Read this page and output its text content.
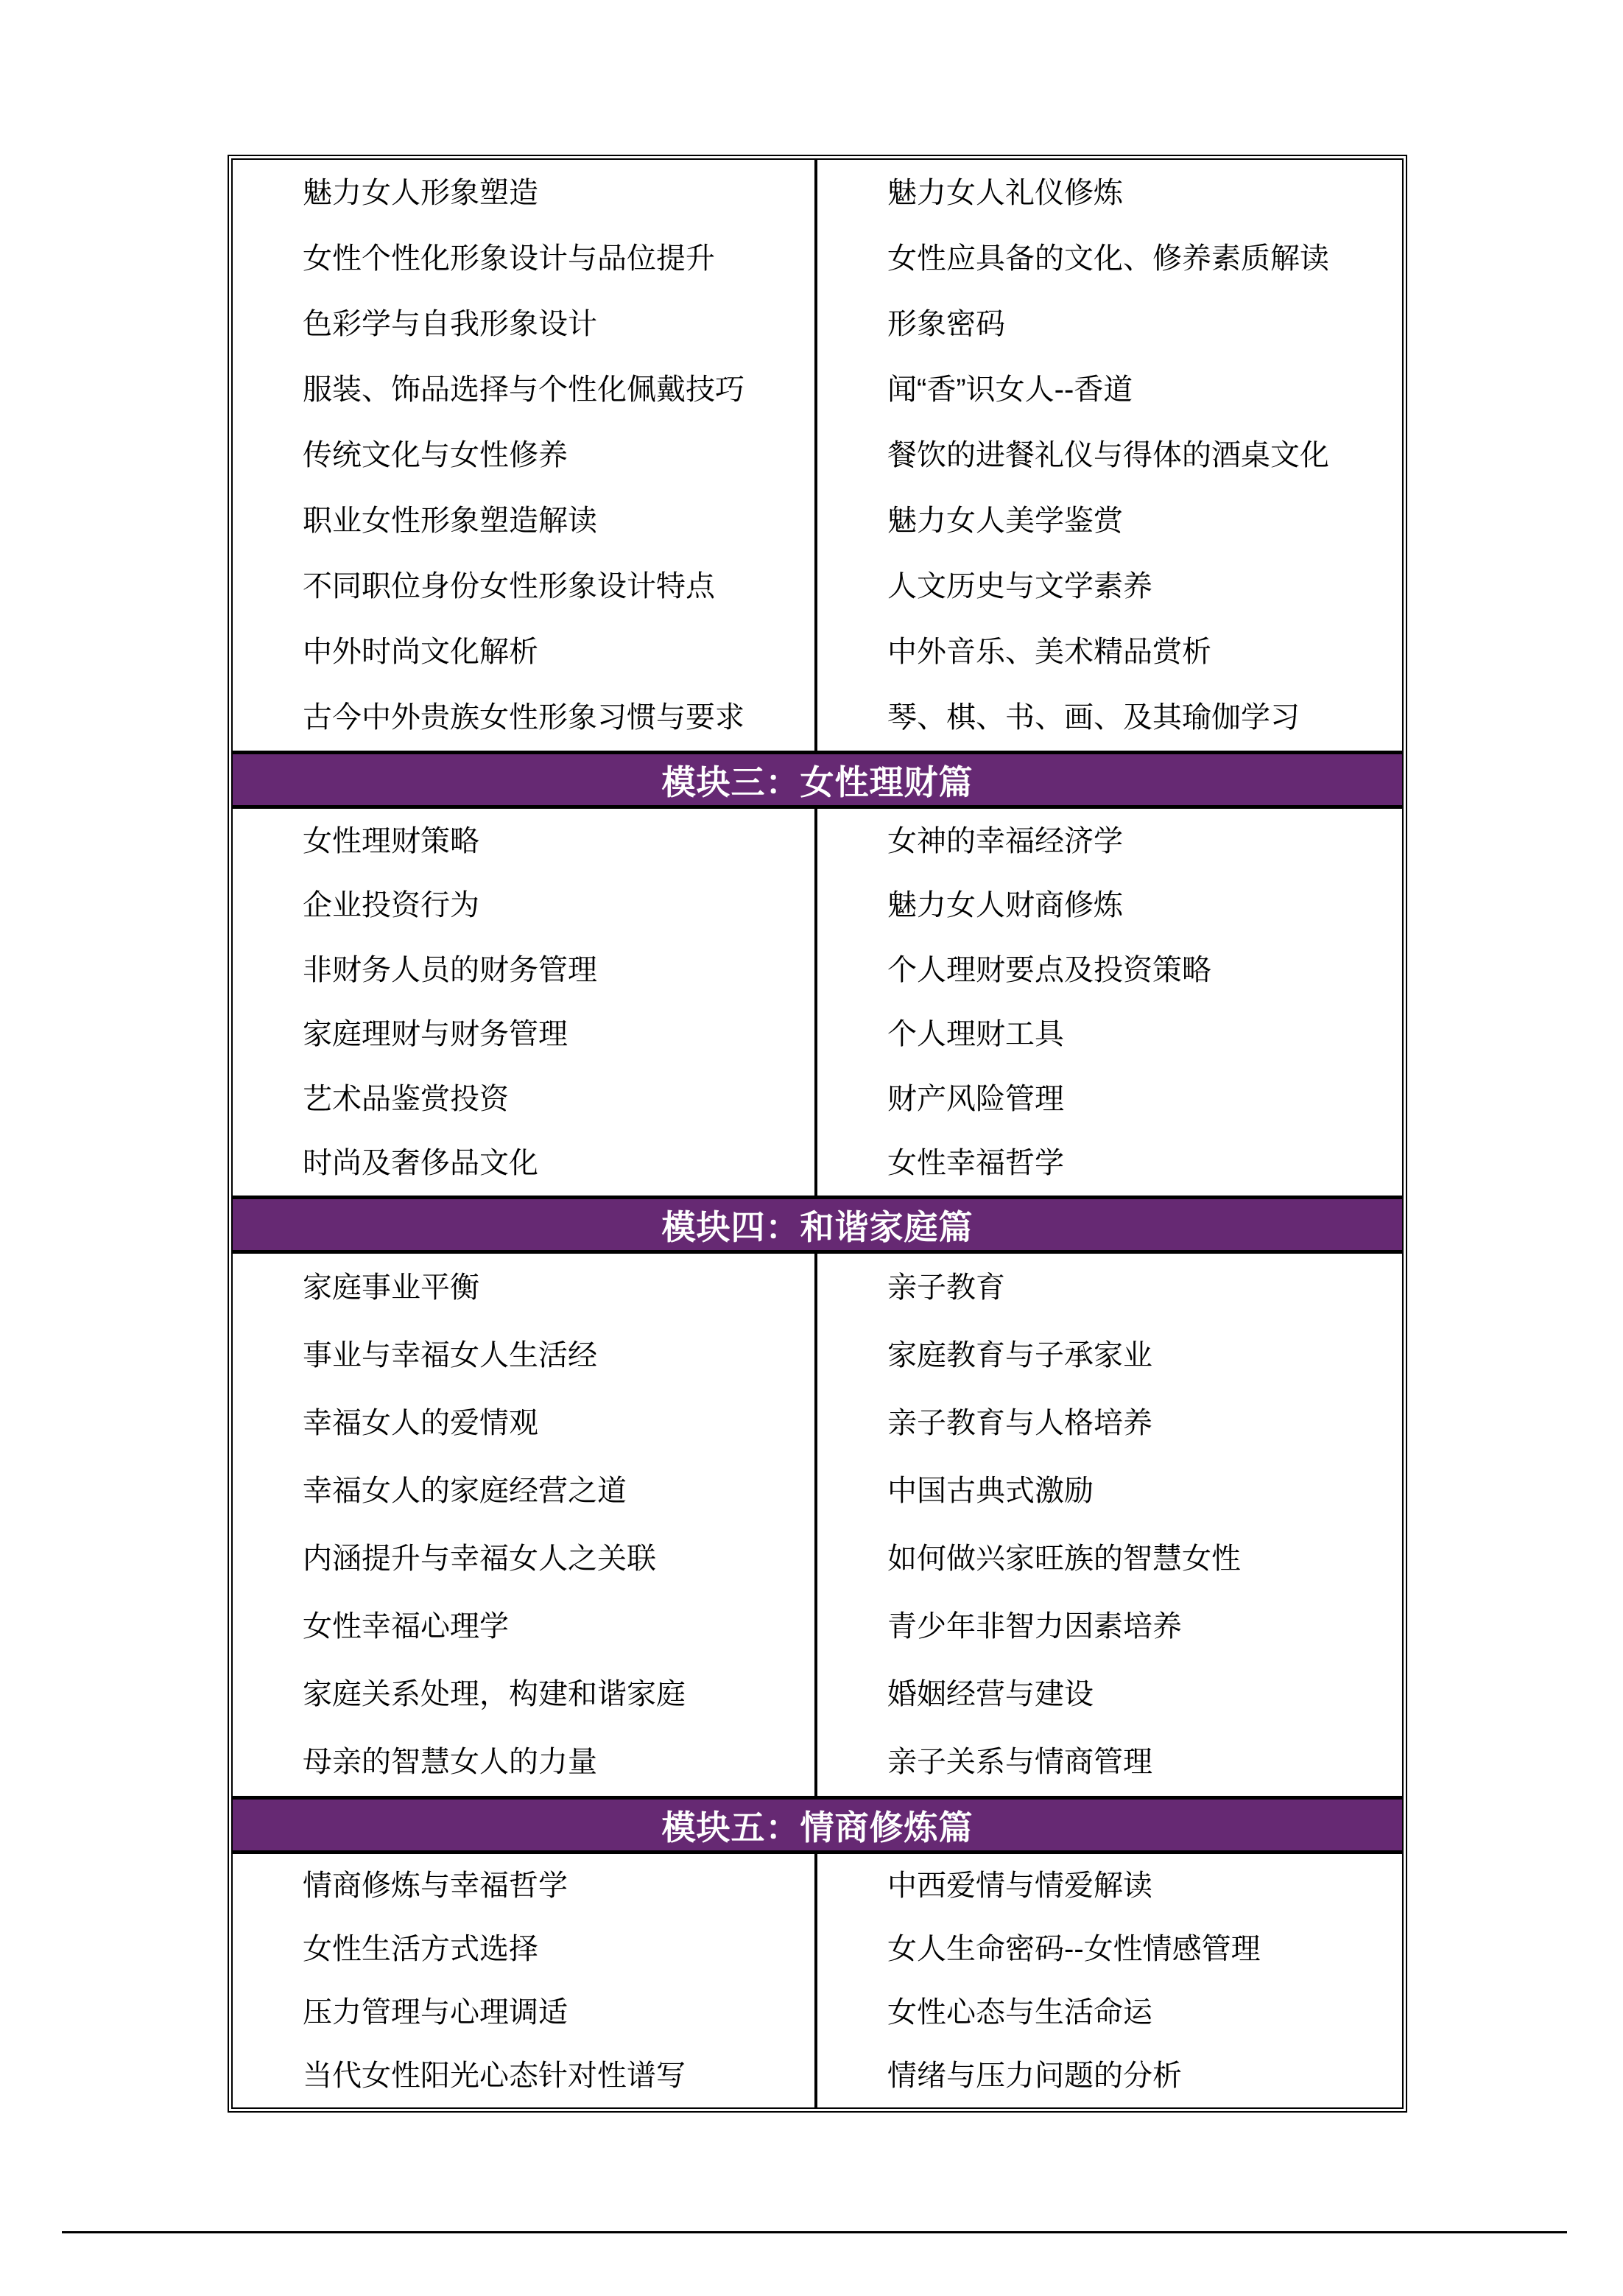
魅力女人形象塑造
女性个性化形象设计与品位提升
色彩学与自我形象设计
服装、饰品选择与个性化佩戴技巧
传统文化与女性修养
职业女性形象塑造解读
不同职位身份女性形象设计特点
中外时尚文化解析
古今中外贵族女性形象习惯与要求
魅力女人礼仪修炼
女性应具备的文化、修养素质解读
形象密码
闻“香”识女人--香道
餐饮的进餐礼仪与得体的酒桌文化
魅力女人美学鉴赏
人文历史与文学素养
中外音乐、美术精品赏析
琴、棋、书、画、及其瑜伽学习
模块三：女性理财篇
女性理财策略
企业投资行为
非财务人员的财务管理
家庭理财与财务管理
艺术品鉴赏投资
时尚及奢侈品文化
女神的幸福经济学
魅力女人财商修炼
个人理财要点及投资策略
个人理财工具
财产风险管理
女性幸福哲学
模块四：和谐家庭篇
家庭事业平衡
事业与幸福女人生活经
幸福女人的爱情观
幸福女人的家庭经营之道
内涵提升与幸福女人之关联
女性幸福心理学
家庭关系处理，构建和谐家庭
母亲的智慧女人的力量
亲子教育
家庭教育与子承家业
亲子教育与人格培养
中国古典式激励
如何做兴家旺族的智慧女性
青少年非智力因素培养
婚姻经营与建设
亲子关系与情商管理
模块五：情商修炼篇
情商修炼与幸福哲学
女性生活方式选择
压力管理与心理调适
当代女性阳光心态针对性谱写
中西爱情与情爱解读
女人生命密码--女性情感管理
女性心态与生活命运
情绪与压力问题的分析
